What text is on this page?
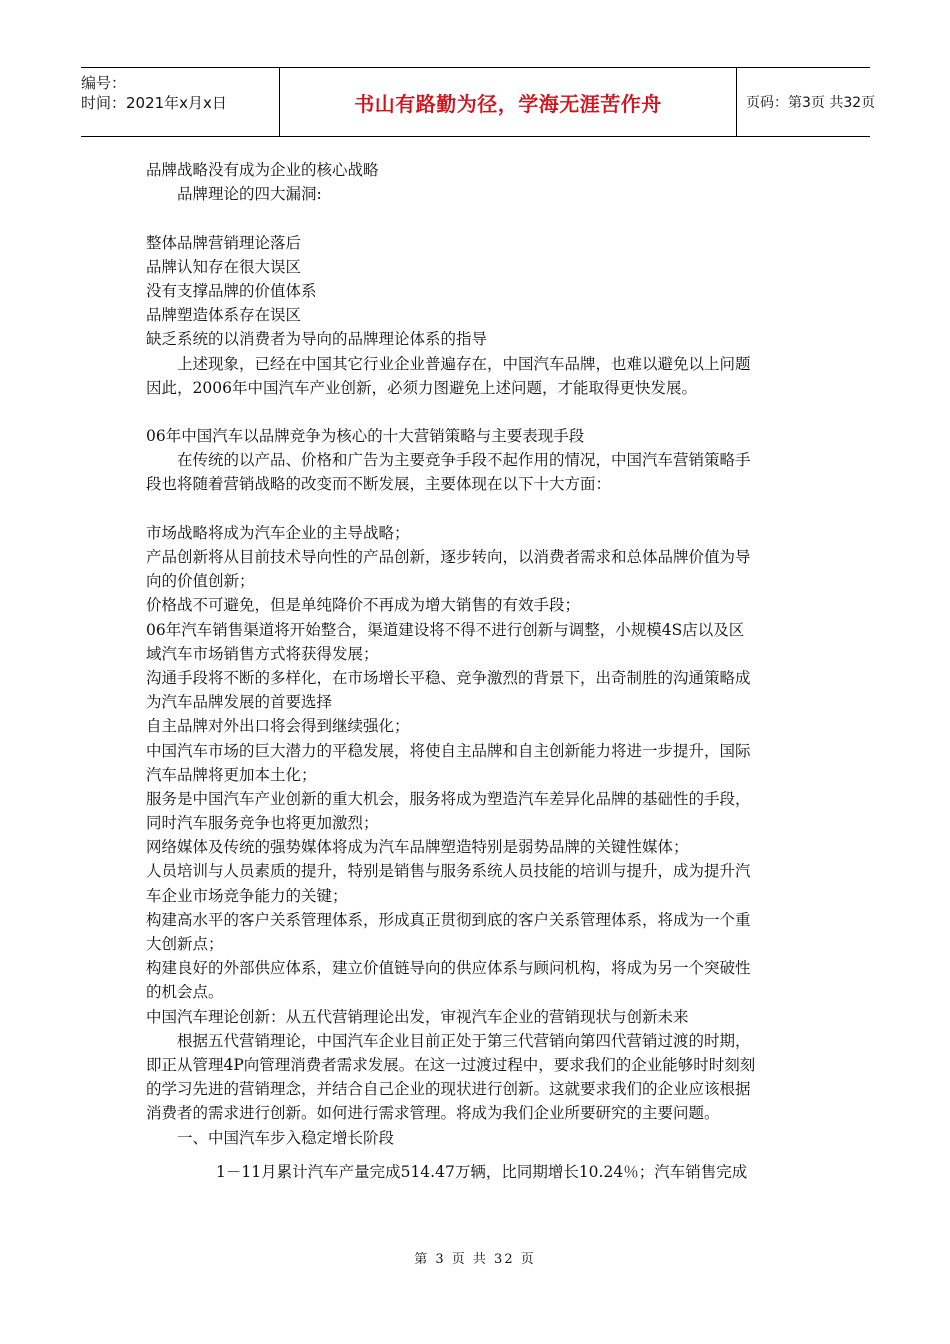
编号：
时间：2021年x月x日	书山有路勤为径，学海无涯苦作舟	页码：第3页 共32页
品牌战略没有成为企业的核心战略
品牌理论的四大漏洞:
整体品牌营销理论落后
品牌认知存在很大误区
没有支撑品牌的价值体系
品牌塑造体系存在误区
缺乏系统的以消费者为导向的品牌理论体系的指导
上述现象，已经在中国其它行业企业普遍存在，中国汽车品牌，也难以避免以上问题
因此，2006年中国汽车产业创新，必须力图避免上述问题，才能取得更快发展。
06年中国汽车以品牌竞争为核心的十大营销策略与主要表现手段
在传统的以产品、价格和广告为主要竞争手段不起作用的情况，中国汽车营销策略手
段也将随着营销战略的改变而不断发展，主要体现在以下十大方面：
市场战略将成为汽车企业的主导战略；
产品创新将从目前技术导向性的产品创新，逐步转向，以消费者需求和总体品牌价值为导
向的价值创新；
价格战不可避免，但是单纯降价不再成为增大销售的有效手段；
06年汽车销售渠道将开始整合，渠道建设将不得不进行创新与调整，小规模4S店以及区
域汽车市场销售方式将获得发展；
沟通手段将不断的多样化，在市场增长平稳、竞争激烈的背景下，出奇制胜的沟通策略成
为汽车品牌发展的首要选择
自主品牌对外出口将会得到继续强化；
中国汽车市场的巨大潜力的平稳发展，将使自主品牌和自主创新能力将进一步提升，国际
汽车品牌将更加本土化；
服务是中国汽车产业创新的重大机会，服务将成为塑造汽车差异化品牌的基础性的手段，
同时汽车服务竞争也将更加激烈；
网络媒体及传统的强势媒体将成为汽车品牌塑造特别是弱势品牌的关键性媒体；
人员培训与人员素质的提升，特别是销售与服务系统人员技能的培训与提升，成为提升汽
车企业市场竞争能力的关键；
构建高水平的客户关系管理体系，形成真正贯彻到底的客户关系管理体系，将成为一个重
大创新点；
构建良好的外部供应体系，建立价值链导向的供应体系与顾问机构，将成为另一个突破性
的机会点。
中国汽车理论创新：从五代营销理论出发，审视汽车企业的营销现状与创新未来
根据五代营销理论，中国汽车企业目前正处于第三代营销向第四代营销过渡的时期，
即正从管理4P向管理消费者需求发展。在这一过渡过程中，要求我们的企业能够时时刻刻
的学习先进的营销理念，并结合自己企业的现状进行创新。这就要求我们的企业应该根据
消费者的需求进行创新。如何进行需求管理。将成为我们企业所要研究的主要问题。
一、中国汽车步入稳定增长阶段
1－11月累计汽车产量完成514.47万辆，比同期增长10.24％；汽车销售完成
第 3 页 共 32 页
